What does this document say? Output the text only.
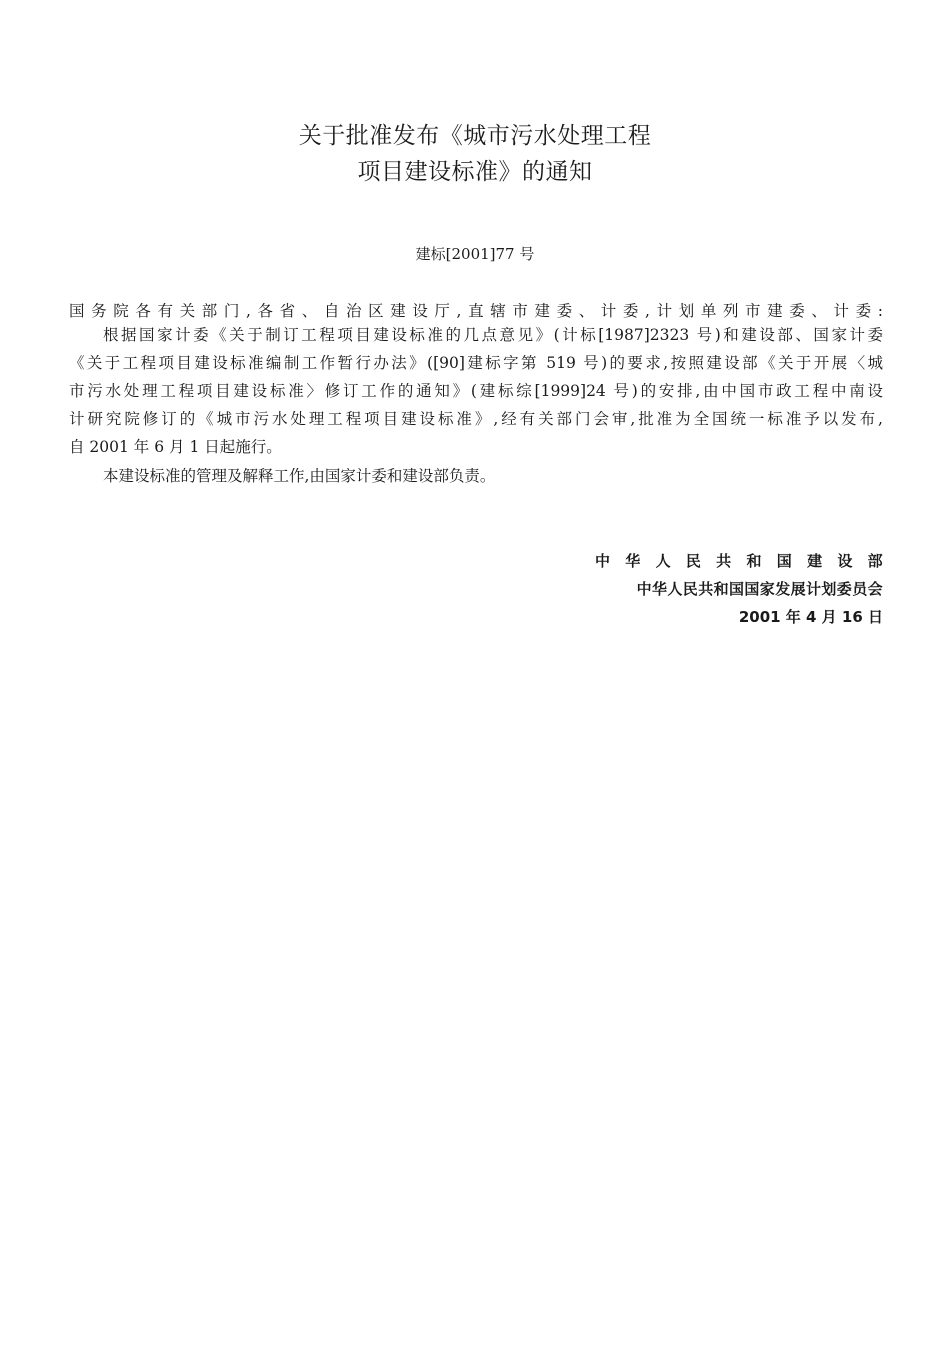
关于批准发布《城市污水处理工程
项目建设标准》的通知
建标[2001]77 号
国务院各有关部门,各省、自治区建设厅,直辖市建委、计委,计划单列市建委、计委:
根据国家计委《关于制订工程项目建设标准的几点意见》(计标[1987]2323 号)和建设部、国家计委
《关于工程项目建设标准编制工作暂行办法》([90]建标字第 519 号)的要求,按照建设部《关于开展〈城
市污水处理工程项目建设标准〉修订工作的通知》(建标综[1999]24 号)的安排,由中国市政工程中南设
计研究院修订的《城市污水处理工程项目建设标准》,经有关部门会审,批准为全国统一标准予以发布,
自 2001 年 6 月 1 日起施行。
本建设标准的管理及解释工作,由国家计委和建设部负责。
中华人民共和国建设部
中华人民共和国国家发展计划委员会
2001 年 4 月 16 日
